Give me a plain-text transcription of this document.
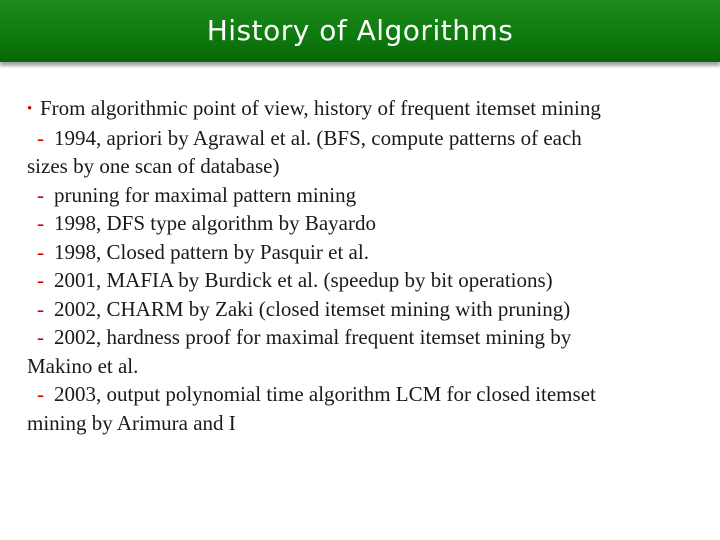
History of Algorithms
• From algorithmic point of view, history of frequent itemset mining
- 1994, apriori by Agrawal et al. (BFS, compute patterns of each
sizes by one scan of database)
- pruning for maximal pattern mining
- 1998, DFS type algorithm by Bayardo
- 1998, Closed pattern by Pasquir et al.
- 2001, MAFIA by Burdick et al. (speedup by bit operations)
- 2002, CHARM by Zaki (closed itemset mining with pruning)
- 2002, hardness proof for maximal frequent itemset mining by
Makino et al.
- 2003, output polynomial time algorithm LCM for closed itemset
mining by Arimura and I
